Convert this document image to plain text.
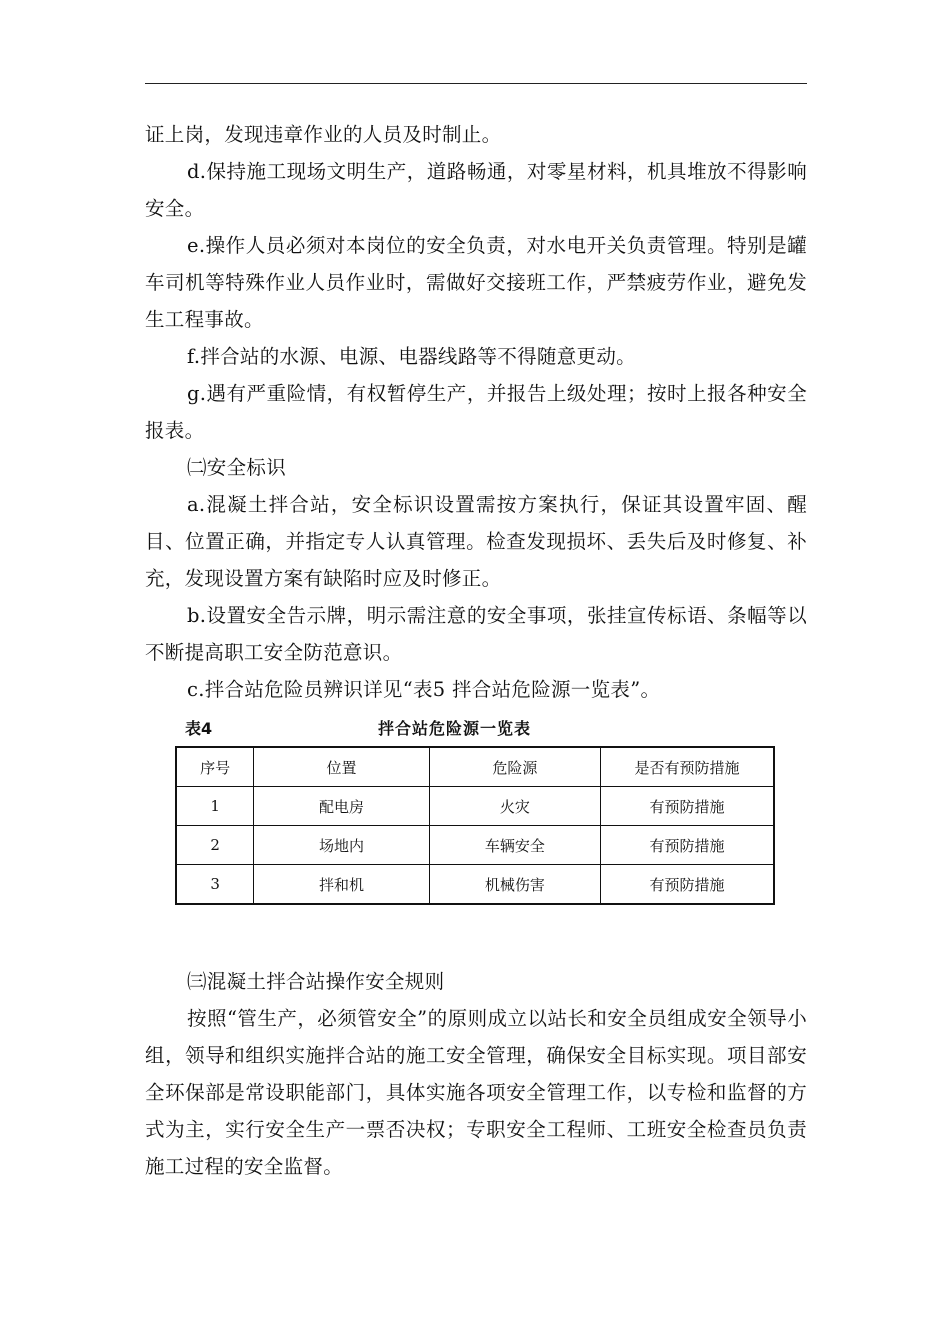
证上岗，发现违章作业的人员及时制止。

d.保持施工现场文明生产，道路畅通，对零星材料，机具堆放不得影响安全。

e.操作人员必须对本岗位的安全负责，对水电开关负责管理。特别是罐车司机等特殊作业人员作业时，需做好交接班工作，严禁疲劳作业，避免发生工程事故。

f.拌合站的水源、电源、电器线路等不得随意更动。

g.遇有严重险情，有权暂停生产，并报告上级处理；按时上报各种安全报表。

㈡安全标识

a.混凝土拌合站，安全标识设置需按方案执行，保证其设置牢固、醒目、位置正确，并指定专人认真管理。检查发现损坏、丢失后及时修复、补充，发现设置方案有缺陷时应及时修正。

b.设置安全告示牌，明示需注意的安全事项，张挂宣传标语、条幅等以不断提高职工安全防范意识。

c.拌合站危险员辨识详见“表5 拌合站危险源一览表”。

表4	拌合站危险源一览表
序号	位置	危险源	是否有预防措施
1	配电房	火灾	有预防措施
2	场地内	车辆安全	有预防措施
3	拌和机	机械伤害	有预防措施

㈢混凝土拌合站操作安全规则

按照“管生产，必须管安全”的原则成立以站长和安全员组成安全领导小组，领导和组织实施拌合站的施工安全管理，确保安全目标实现。项目部安全环保部是常设职能部门，具体实施各项安全管理工作，以专检和监督的方式为主，实行安全生产一票否决权；专职安全工程师、工班安全检查员负责施工过程的安全监督。
